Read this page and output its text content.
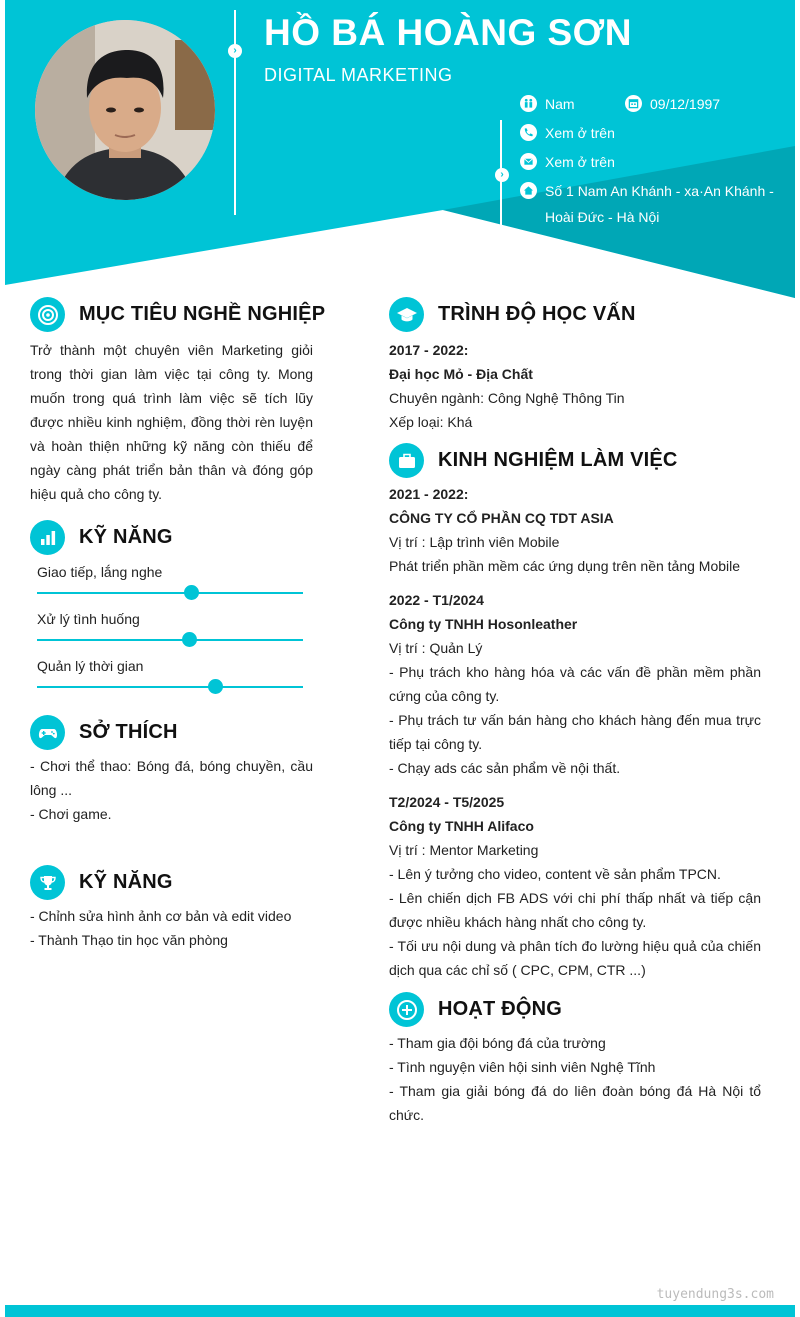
› HỒ BÁ HOÀNG SƠN
DIGITAL MARKETING
›
Nam	09/12/1997
Xem ở trên
Xem ở trên
Số 1 Nam An Khánh - xa·An Khánh -
Hoài Đức - Hà Nội
MỤC TIÊU NGHỀ NGHIỆP
Trở thành một chuyên viên Marketing giỏi trong thời gian làm việc tại công ty. Mong muốn trong quá trình làm việc sẽ tích lũy được nhiều kinh nghiệm, đồng thời rèn luyện và hoàn thiện những kỹ năng còn thiếu để ngày càng phát triển bản thân và đóng góp hiệu quả cho công ty.
KỸ NĂNG
Giao tiếp, lắng nghe
Xử lý tình huống
Quản lý thời gian
SỞ THÍCH
- Chơi thể thao: Bóng đá, bóng chuyền, cầu lông ...
- Chơi game.
KỸ NĂNG
- Chỉnh sửa hình ảnh cơ bản và edit video
- Thành Thạo tin học văn phòng
TRÌNH ĐỘ HỌC VẤN
2017 - 2022:
Đại học Mỏ - Địa Chất
Chuyên ngành: Công Nghệ Thông Tin
Xếp loại: Khá
KINH NGHIỆM LÀM VIỆC
2021 - 2022:
CÔNG TY CỔ PHẦN CQ TDT ASIA
Vị trí : Lập trình viên Mobile
Phát triển phần mềm các ứng dụng trên nền tảng Mobile
2022 - T1/2024
Công ty TNHH Hosonleather
Vị trí : Quản Lý
- Phụ trách kho hàng hóa và các vấn đề phần mềm phần cứng của công ty.
- Phụ trách tư vấn bán hàng cho khách hàng đến mua trực tiếp tại công ty.
- Chạy ads các sản phẩm về nội thất.
T2/2024 - T5/2025
Công ty TNHH Alifaco
Vị trí : Mentor Marketing
- Lên ý tưởng cho video, content về sản phẩm TPCN.
- Lên chiến dịch FB ADS với chi phí thấp nhất và tiếp cận được nhiều khách hàng nhất cho công ty.
- Tối ưu nội dung và phân tích đo lường hiệu quả của chiến dịch qua các chỉ số ( CPC, CPM, CTR ...)
HOẠT ĐỘNG
- Tham gia đội bóng đá của trường
- Tình nguyện viên hội sinh viên Nghệ Tĩnh
- Tham gia giải bóng đá do liên đoàn bóng đá Hà Nội tổ chức.
tuyendung3s.com
